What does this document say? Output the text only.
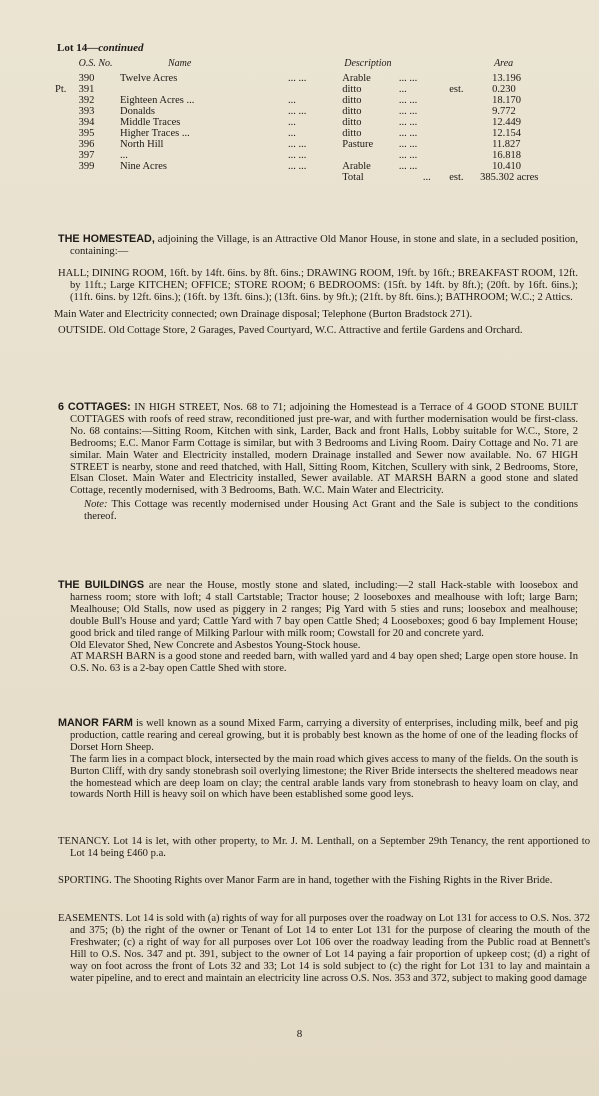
Lot 14—continued
	O.S. No.	Name		Description			Area
	390	Twelve Acres	... ...	Arable	... ...		13.196
Pt.	391			ditto	...	est.	0.230
	392	Eighteen Acres ...	...	ditto	... ...		18.170
	393	Donalds	... ...	ditto	... ...		9.772
	394	Middle Traces	...	ditto	... ...		12.449
	395	Higher Traces ...	...	ditto	... ...		12.154
	396	North Hill	... ...	Pasture	... ...		11.827
	397	...	... ...		... ...		16.818
	399	Nine Acres	... ...	Arable	... ...		10.410
				Total	...	est.	385.302 acres
THE HOMESTEAD, adjoining the Village, is an Attractive Old Manor House, in stone and slate, in a secluded position, containing:—
HALL; DINING ROOM, 16ft. by 14ft. 6ins. by 8ft. 6ins.; DRAWING ROOM, 19ft. by 16ft.; BREAKFAST ROOM, 12ft. by 11ft.; Large KITCHEN; OFFICE; STORE ROOM; 6 BEDROOMS: (15ft. by 14ft. by 8ft.); (20ft. by 16ft. 6ins.); (11ft. 6ins. by 12ft. 6ins.); (16ft. by 13ft. 6ins.); (13ft. 6ins. by 9ft.); (21ft. by 8ft. 6ins.); BATHROOM; W.C.; 2 Attics.
Main Water and Electricity connected; own Drainage disposal; Telephone (Burton Bradstock 271).
OUTSIDE. Old Cottage Store, 2 Garages, Paved Courtyard, W.C. Attractive and fertile Gardens and Orchard.
6 COTTAGES: IN HIGH STREET, Nos. 68 to 71; adjoining the Homestead is a Terrace of 4 GOOD STONE BUILT COTTAGES with roofs of reed straw, reconditioned just pre-war, and with further modernisation would be first-class. No. 68 contains:—Sitting Room, Kitchen with sink, Larder, Back and front Halls, Lobby suitable for W.C., Store, 2 Bedrooms; E.C. Manor Farm Cottage is similar, but with 3 Bedrooms and Living Room. Dairy Cottage and No. 71 are similar. Main Water and Electricity installed, modern Drainage installed and Sewer now available. No. 67 HIGH STREET is nearby, stone and reed thatched, with Hall, Sitting Room, Kitchen, Scullery with sink, 2 Bedrooms, Store, Elsan Closet. Main Water and Electricity installed, Sewer available. AT MARSH BARN a good stone and slated Cottage, recently modernised, with 3 Bedrooms, Bath. W.C. Main Water and Electricity.
Note: This Cottage was recently modernised under Housing Act Grant and the Sale is subject to the conditions thereof.
THE BUILDINGS are near the House, mostly stone and slated, including:—2 stall Hack-stable with loosebox and harness room; store with loft; 4 stall Cartstable; Tractor house; 2 looseboxes and mealhouse with loft; large Barn; Mealhouse; Old Stalls, now used as piggery in 2 ranges; Pig Yard with 5 sties and runs; loosebox and mealhouse; double Bull's House and yard; Cattle Yard with 7 bay open Cattle Shed; 4 Looseboxes; good 6 bay Implement House; good brick and tiled range of Milking Parlour with milk room; Cowstall for 20 and concrete yard.
Old Elevator Shed, New Concrete and Asbestos Young-Stock house.
AT MARSH BARN is a good stone and reeded barn, with walled yard and 4 bay open shed; Large open store house. In O.S. No. 63 is a 2-bay open Cattle Shed with store.
MANOR FARM is well known as a sound Mixed Farm, carrying a diversity of enterprises, including milk, beef and pig production, cattle rearing and cereal growing, but it is probably best known as the home of one of the leading flocks of Dorset Horn Sheep.
The farm lies in a compact block, intersected by the main road which gives access to many of the fields. On the south is Burton Cliff, with dry sandy stonebrash soil overlying limestone; the River Bride intersects the sheltered meadows near the homestead which are deep loam on clay; the central arable lands vary from stonebrash to heavy loam on clay, and towards North Hill is heavy soil on which have been established some good leys.
TENANCY. Lot 14 is let, with other property, to Mr. J. M. Lenthall, on a September 29th Tenancy, the rent apportioned to Lot 14 being £460 p.a.
SPORTING. The Shooting Rights over Manor Farm are in hand, together with the Fishing Rights in the River Bride.
EASEMENTS. Lot 14 is sold with (a) rights of way for all purposes over the roadway on Lot 131 for access to O.S. Nos. 372 and 375; (b) the right of the owner or Tenant of Lot 14 to enter Lot 131 for the purpose of clearing the mouth of the Freshwater; (c) a right of way for all purposes over Lot 106 over the roadway leading from the Public road at Bennett's Hill to O.S. Nos. 347 and pt. 391, subject to the owner of Lot 14 paying a fair proportion of upkeep cost; (d) a right of way on foot across the front of Lots 32 and 33; Lot 14 is sold subject to (c) the right for Lot 131 to lay and maintain a water pipeline, and to erect and maintain an electricity line across O.S. Nos. 353 and 372, subject to making good damage
8
